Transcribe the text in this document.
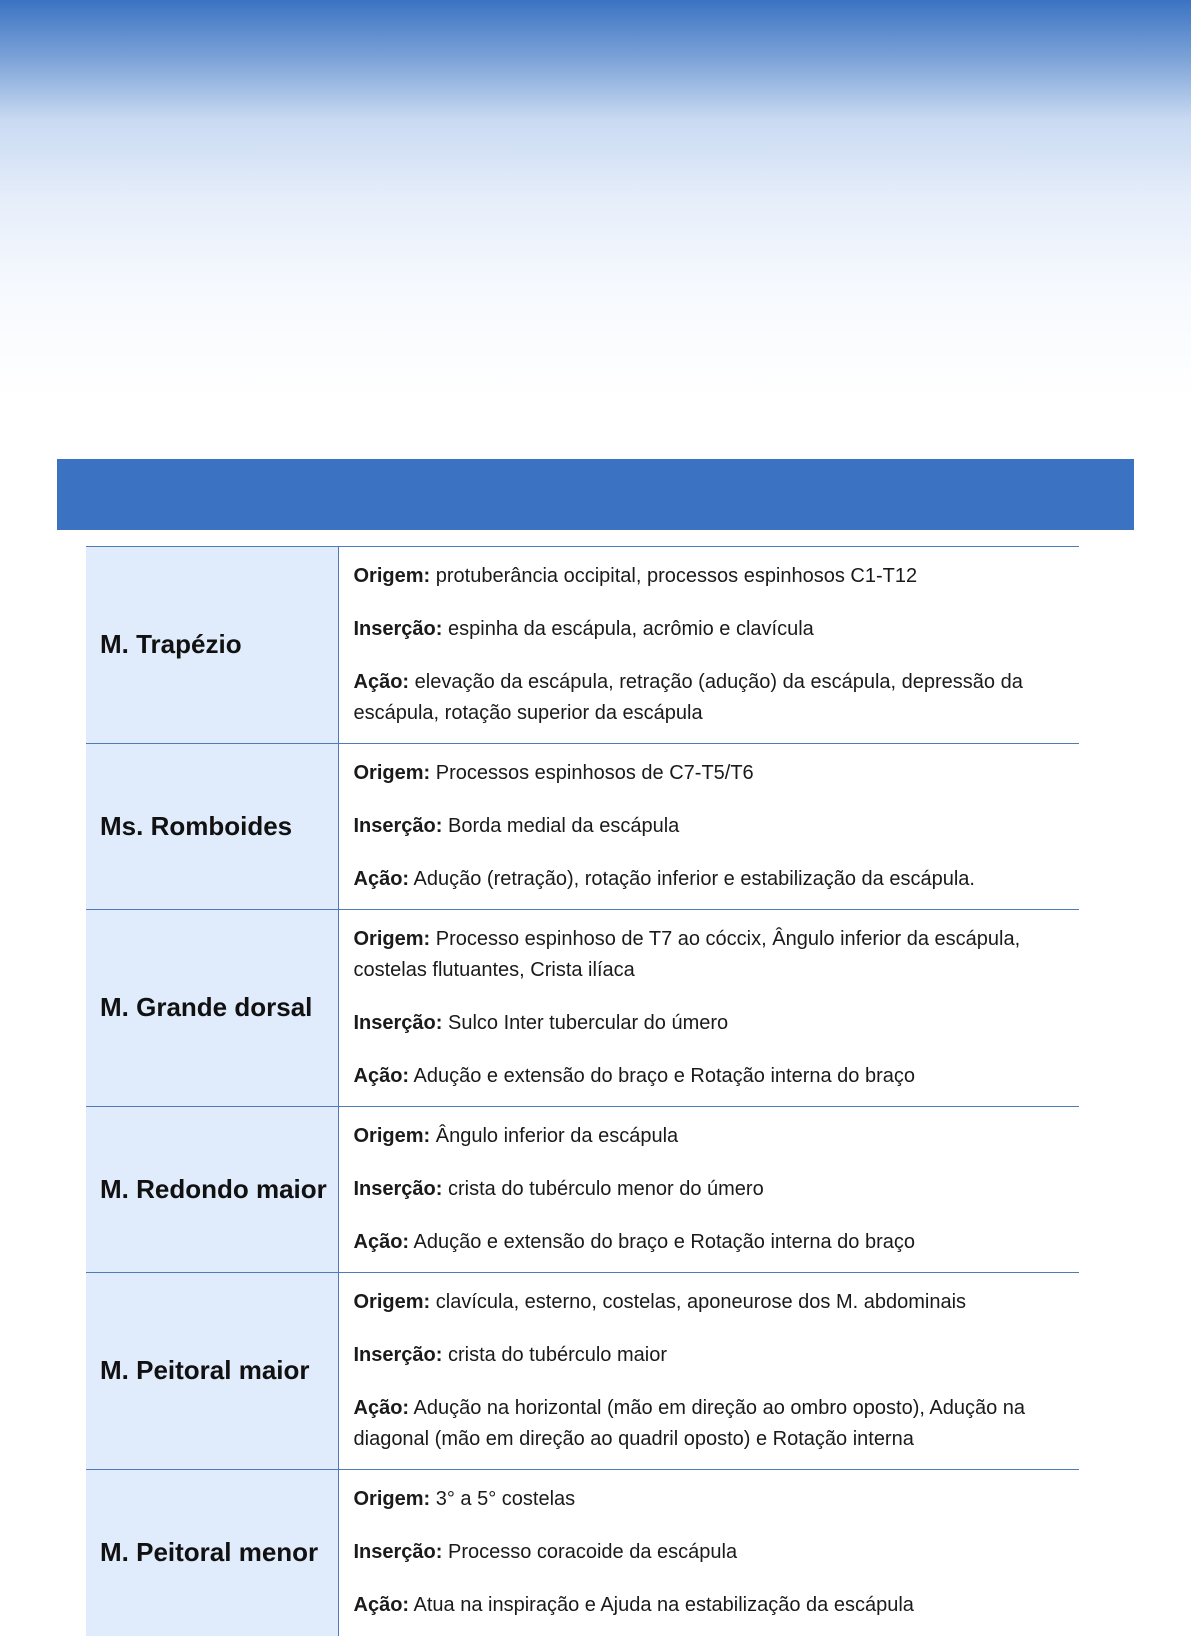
M. Trapézio	Origem: protuberância occipital, processos espinhosos C1-T12

Inserção: espinha da escápula, acrômio e clavícula

Ação: elevação da escápula, retração (adução) da escápula, depressão da escápula, rotação superior da escápula

Ms. Romboides	Origem: Processos espinhosos de C7-T5/T6

Inserção: Borda medial da escápula

Ação: Adução (retração), rotação inferior e estabilização da escápula.

M. Grande dorsal	Origem: Processo espinhoso de T7 ao cóccix, Ângulo inferior da escápula, costelas flutuantes, Crista ilíaca

Inserção: Sulco Inter tubercular do úmero

Ação: Adução e extensão do braço e Rotação interna do braço

M. Redondo maior	Origem: Ângulo inferior da escápula

Inserção: crista do tubérculo menor do úmero

Ação: Adução e extensão do braço e Rotação interna do braço

M. Peitoral maior	Origem: clavícula, esterno, costelas, aponeurose dos M. abdominais

Inserção: crista do tubérculo maior

Ação: Adução na horizontal (mão em direção ao ombro oposto), Adução na diagonal (mão em direção ao quadril oposto) e Rotação interna

M. Peitoral menor	Origem: 3° a 5° costelas

Inserção: Processo coracoide da escápula

Ação: Atua na inspiração e Ajuda na estabilização da escápula
